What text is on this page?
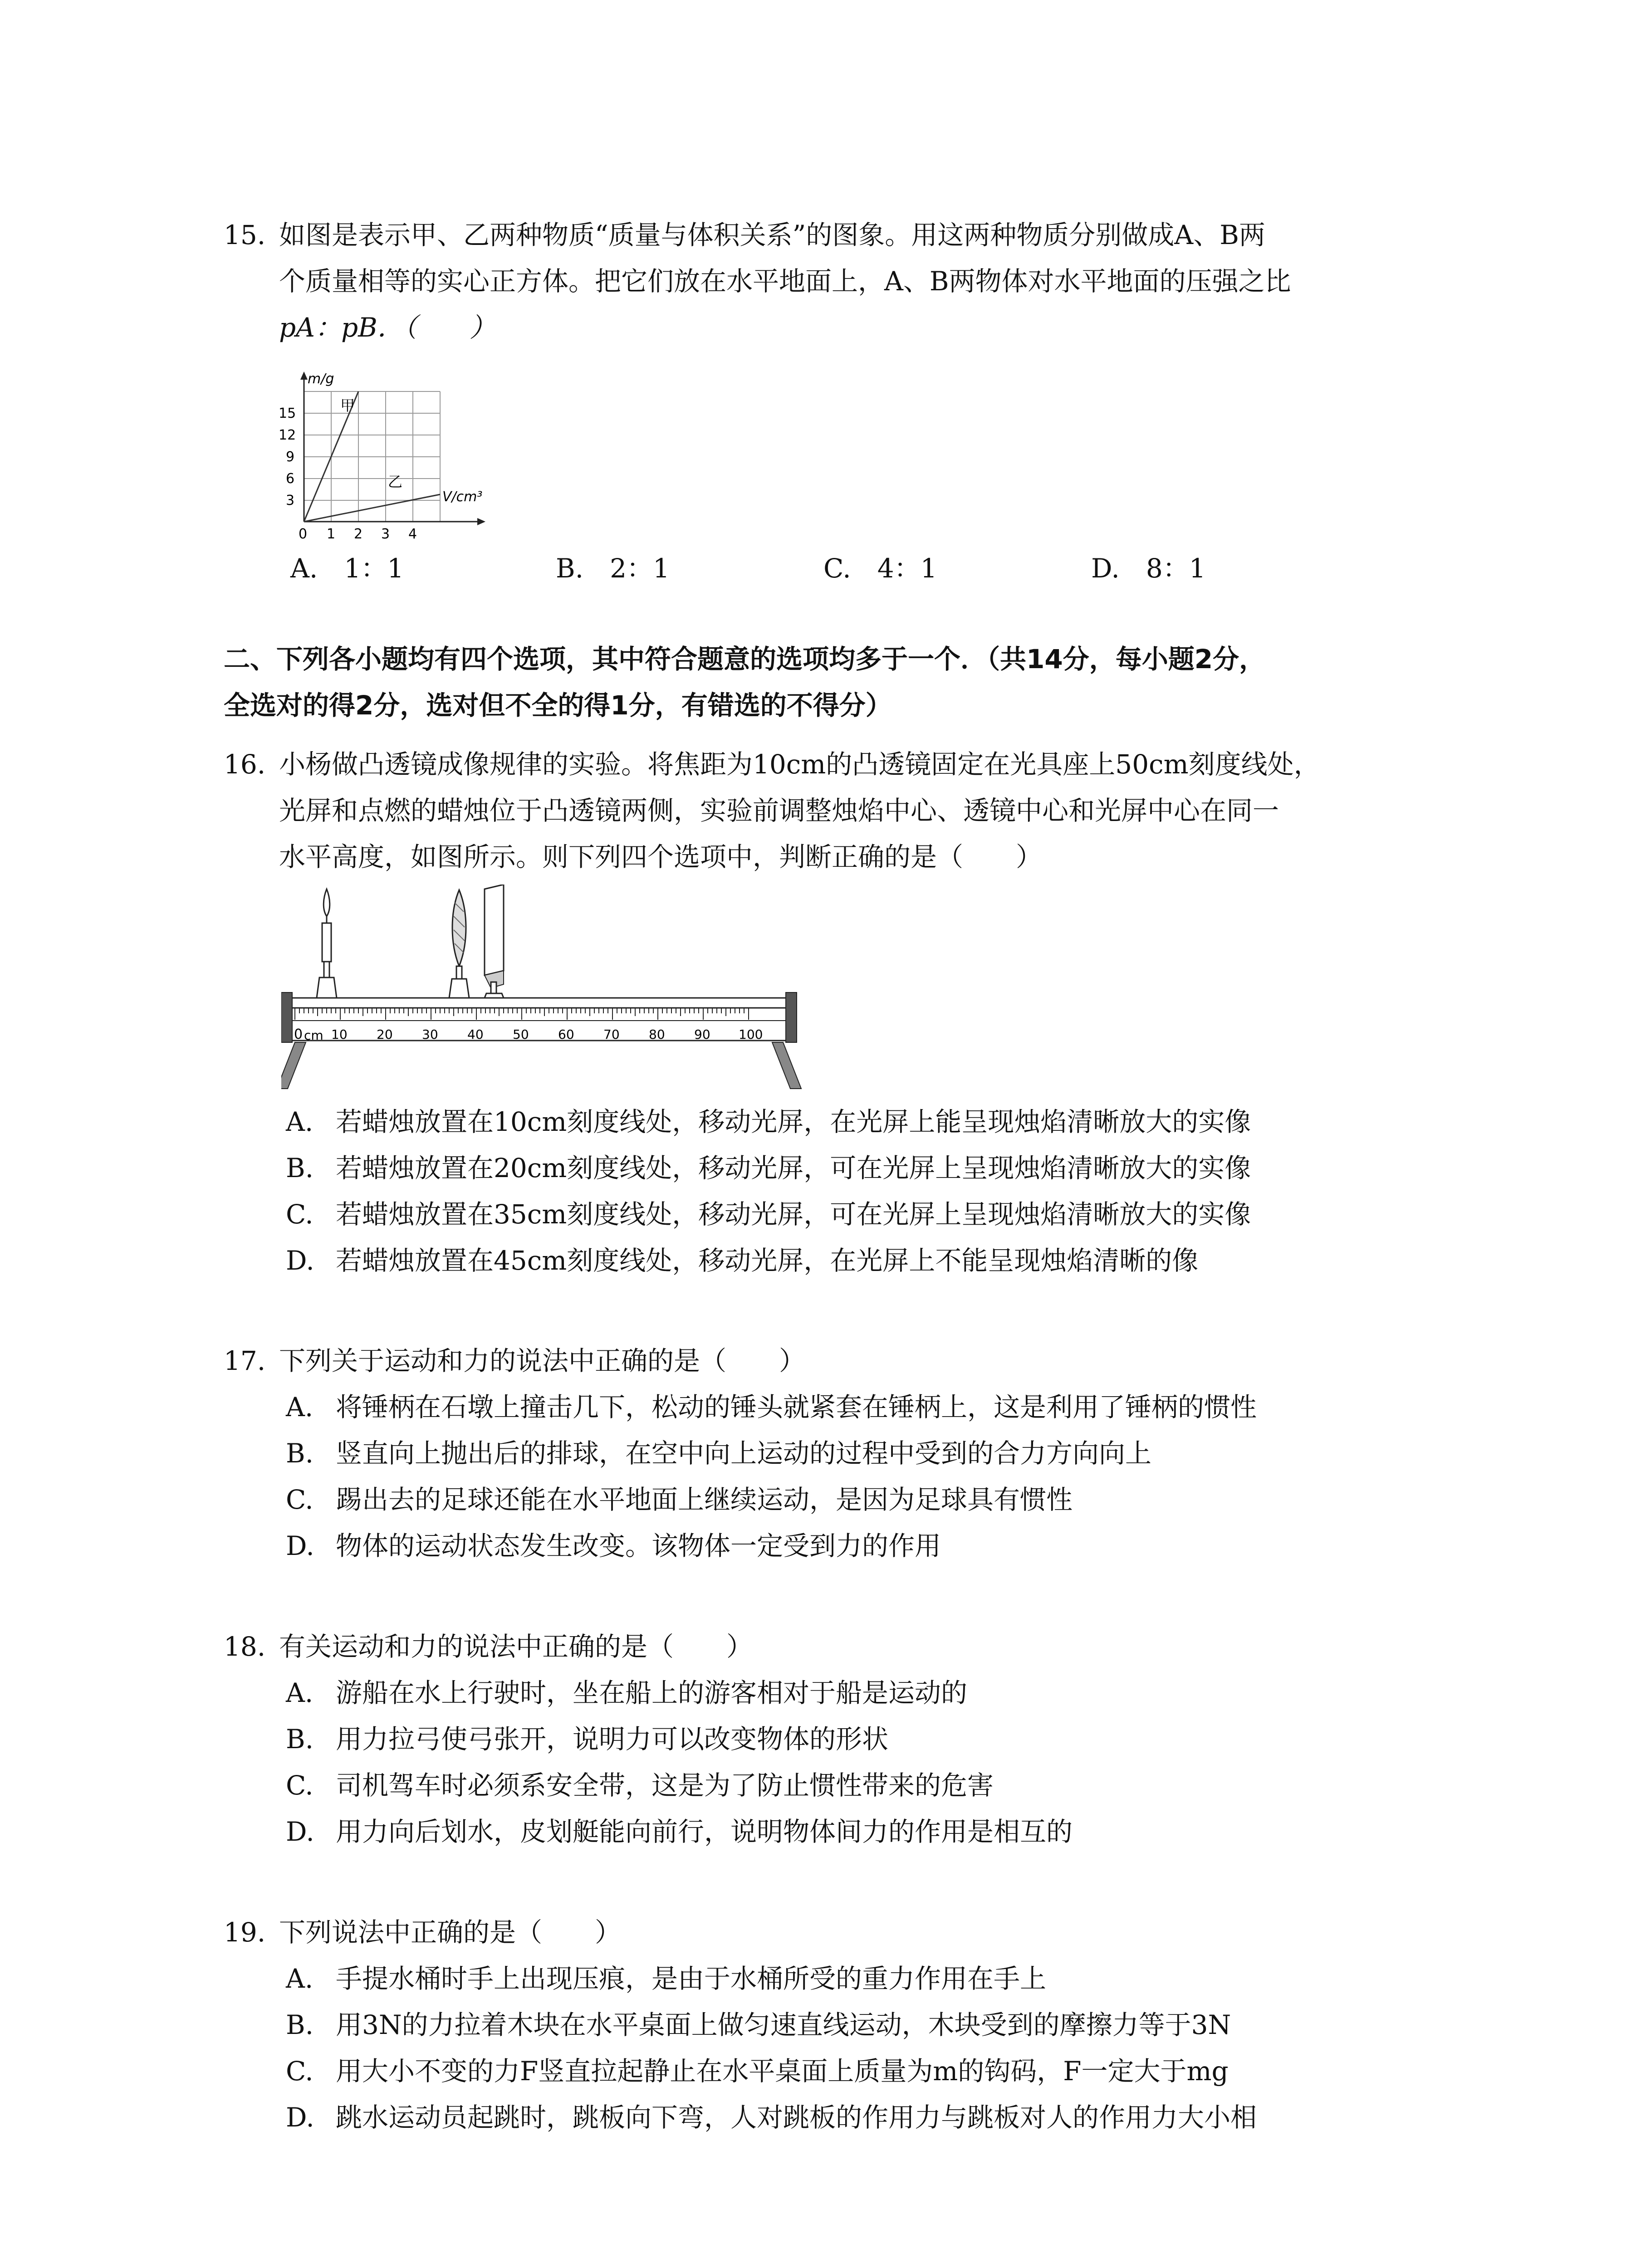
15. 如图是表示甲、乙两种物质“质量与体积关系”的图象。用这两种物质分别做成A、B两
个质量相等的实心正方体。把它们放在水平地面上，A、B两物体对水平地面的压强之比
pA：pB．（　　）
m/g
V/cm³
0
3
6
9
12
15
1 2 3 4
甲
乙
A.　 1：1	B.　 2：1	C.　 4：1	D.　 8：1
二、下列各小题均有四个选项，其中符合题意的选项均多于一个．（共14分，每小题2分，
全选对的得2分，选对但不全的得1分，有错选的不得分）
16. 小杨做凸透镜成像规律的实验。将焦距为10cm的凸透镜固定在光具座上50cm刻度线处，
光屏和点燃的蜡烛位于凸透镜两侧，实验前调整烛焰中心、透镜中心和光屏中心在同一
水平高度，如图所示。则下列四个选项中，判断正确的是（　　）
0 cm 10 20 30 40 50 60 70 80 90 100
A. 若蜡烛放置在10cm刻度线处，移动光屏，在光屏上能呈现烛焰清晰放大的实像
B. 若蜡烛放置在20cm刻度线处，移动光屏，可在光屏上呈现烛焰清晰放大的实像
C. 若蜡烛放置在35cm刻度线处，移动光屏，可在光屏上呈现烛焰清晰放大的实像
D. 若蜡烛放置在45cm刻度线处，移动光屏，在光屏上不能呈现烛焰清晰的像
17. 下列关于运动和力的说法中正确的是（　　）
A. 将锤柄在石墩上撞击几下，松动的锤头就紧套在锤柄上，这是利用了锤柄的惯性
B. 竖直向上抛出后的排球，在空中向上运动的过程中受到的合力方向向上
C. 踢出去的足球还能在水平地面上继续运动，是因为足球具有惯性
D. 物体的运动状态发生改变。该物体一定受到力的作用
18. 有关运动和力的说法中正确的是（　　）
A. 游船在水上行驶时，坐在船上的游客相对于船是运动的
B. 用力拉弓使弓张开，说明力可以改变物体的形状
C. 司机驾车时必须系安全带，这是为了防止惯性带来的危害
D. 用力向后划水，皮划艇能向前行，说明物体间力的作用是相互的
19. 下列说法中正确的是（　　）
A. 手提水桶时手上出现压痕，是由于水桶所受的重力作用在手上
B. 用3N的力拉着木块在水平桌面上做匀速直线运动，木块受到的摩擦力等于3N
C. 用大小不变的力F竖直拉起静止在水平桌面上质量为m的钩码，F一定大于mg
D. 跳水运动员起跳时，跳板向下弯，人对跳板的作用力与跳板对人的作用力大小相
